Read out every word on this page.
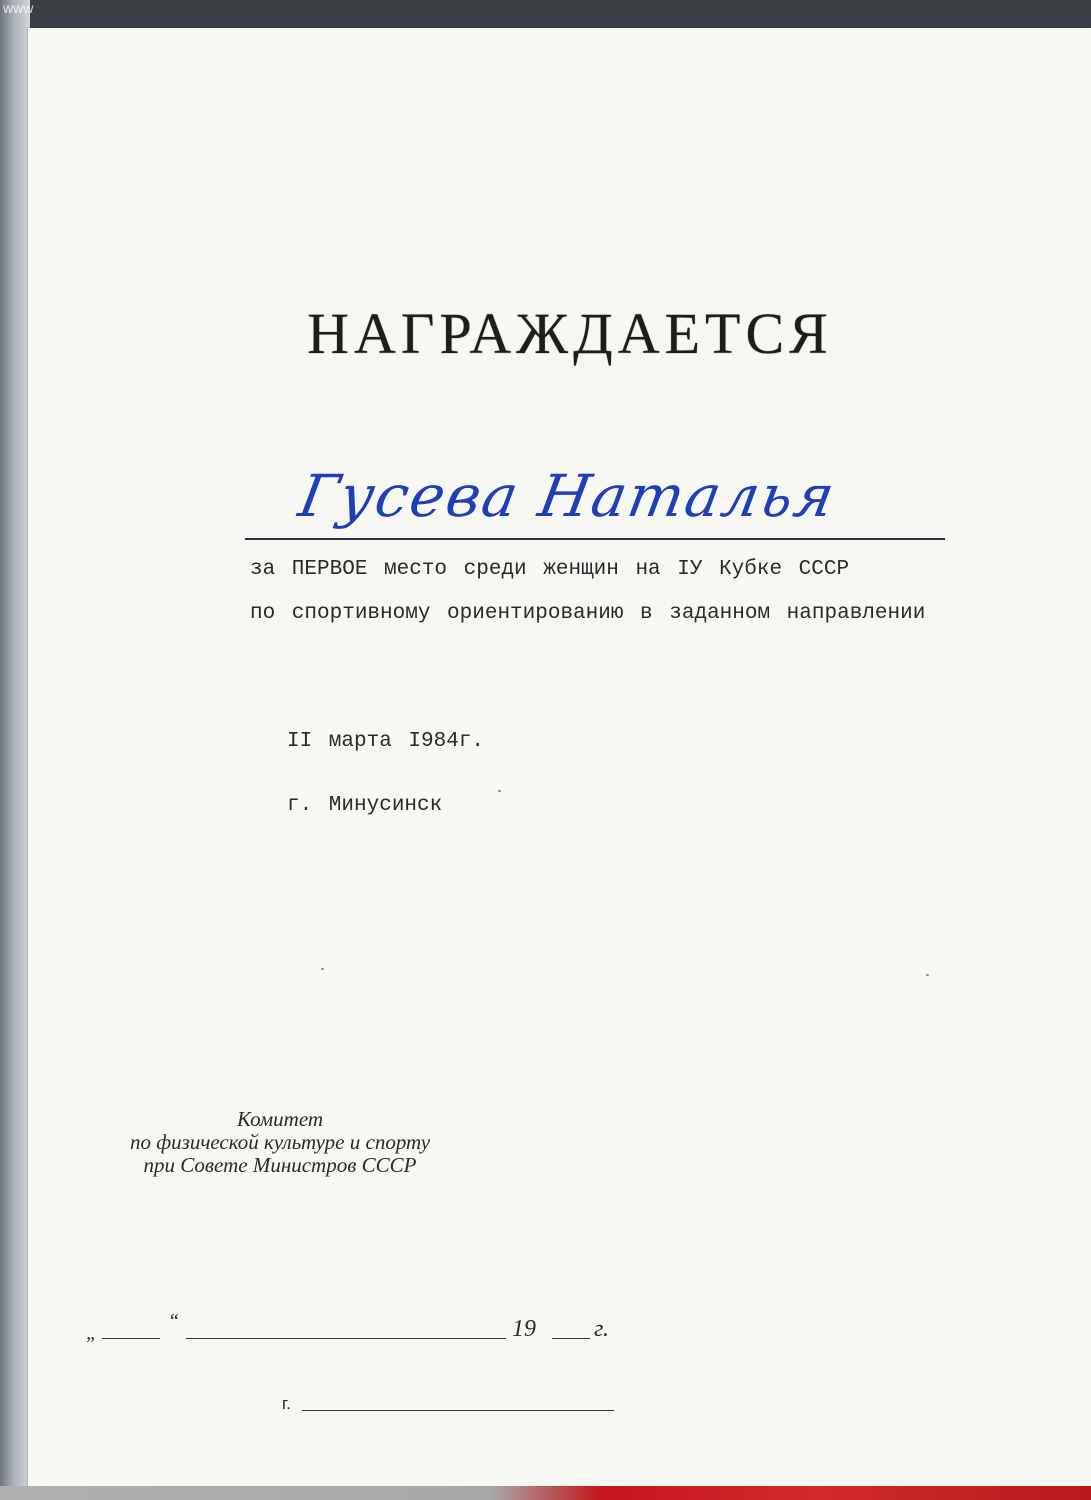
www
НАГРАЖДАЕТСЯ
Гусева Наталья
за ПЕРВОЕ место среди женщин на IУ Кубке СССР
по спортивному ориентированию в заданном направлении
II марта I984г.
г. Минусинск
Комитет
по физической культуре и спорту
при Совете Министров СССР
„
“	19 г.
г.
